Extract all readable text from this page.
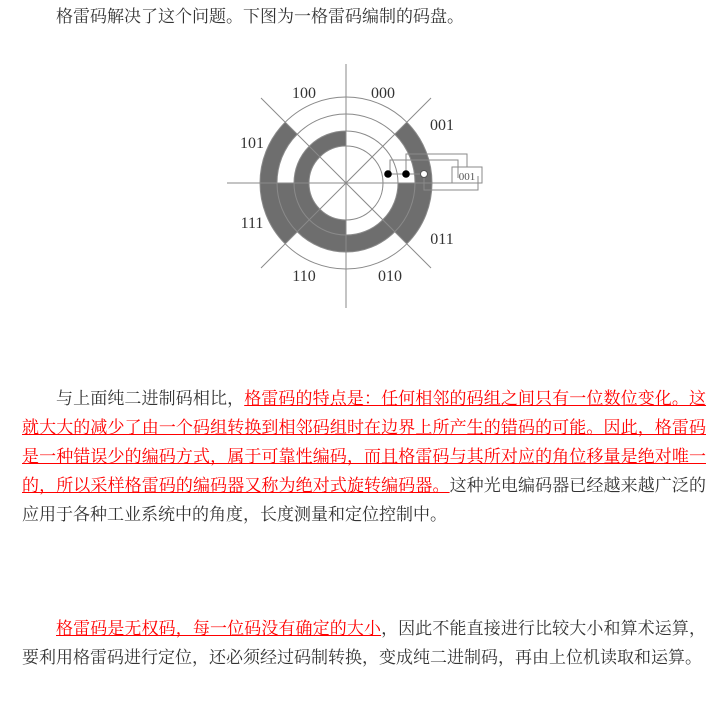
格雷码解决了这个问题。下图为一格雷码编制的码盘。

001
000
001
011
010
110
111
101
100

与上面纯二进制码相比，格雷码的特点是：任何相邻的码组之间只有一位数位变化。这就大大的减少了由一个码组转换到相邻码组时在边界上所产生的错码的可能。因此，格雷码是一种错误少的编码方式，属于可靠性编码，而且格雷码与其所对应的角位移量是绝对唯一的，所以采样格雷码的编码器又称为绝对式旋转编码器。这种光电编码器已经越来越广泛的应用于各种工业系统中的角度，长度测量和定位控制中。

格雷码是无权码，每一位码没有确定的大小，因此不能直接进行比较大小和算术运算，要利用格雷码进行定位，还必须经过码制转换，变成纯二进制码，再由上位机读取和运算。
